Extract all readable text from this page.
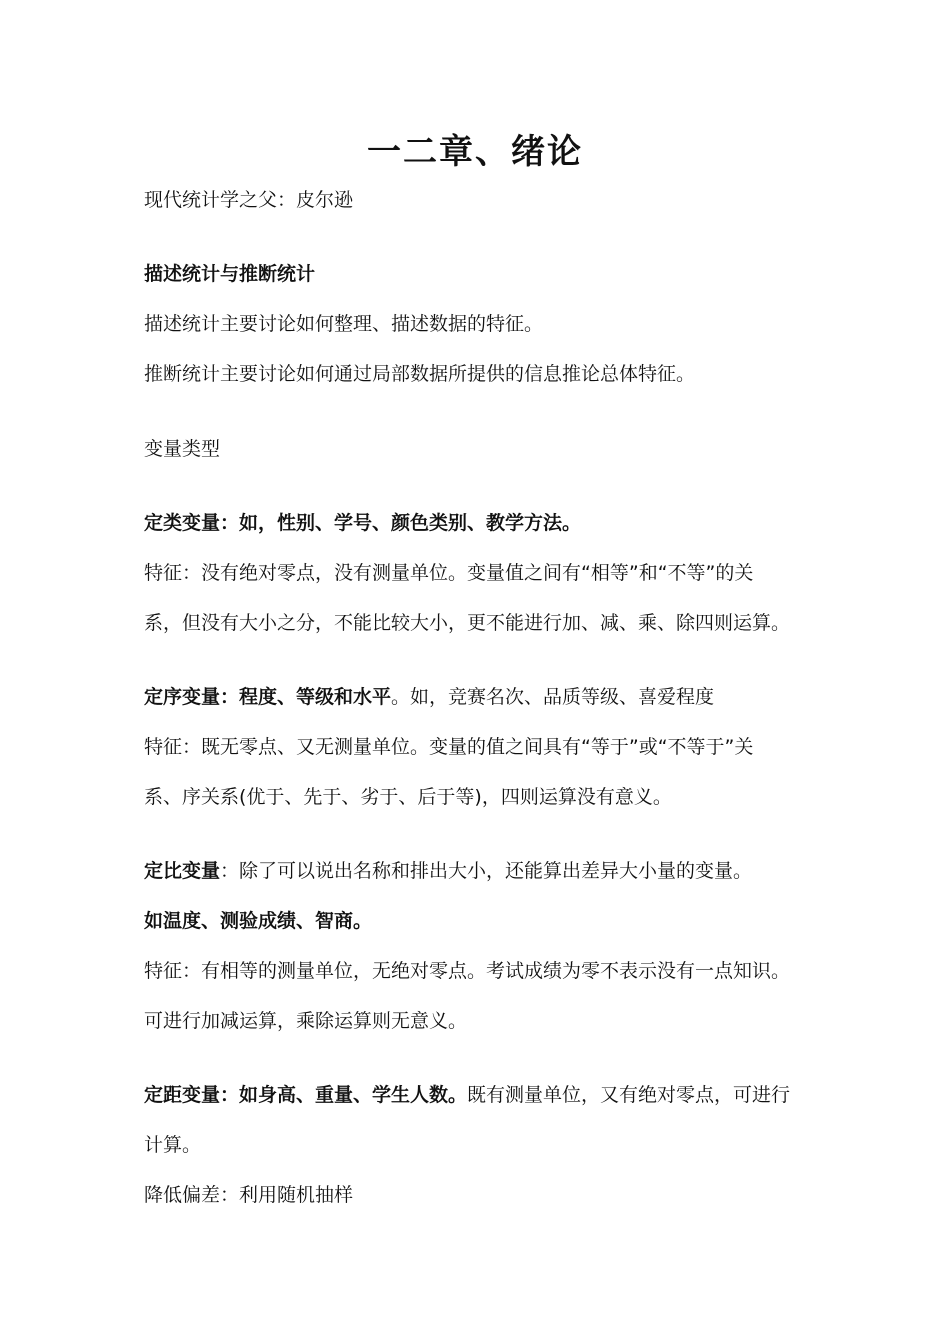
一二章、绪论
现代统计学之父：皮尔逊
描述统计与推断统计
描述统计主要讨论如何整理、描述数据的特征。
推断统计主要讨论如何通过局部数据所提供的信息推论总体特征。
变量类型
定类变量：如，性别、学号、颜色类别、教学方法。
特征：没有绝对零点，没有测量单位。变量值之间有“相等”和“不等”的关
系，但没有大小之分，不能比较大小，更不能进行加、减、乘、除四则运算。
定序变量：程度、等级和水平。如，竞赛名次、品质等级、喜爱程度
特征：既无零点、又无测量单位。变量的值之间具有“等于”或“不等于”关
系、序关系(优于、先于、劣于、后于等)，四则运算没有意义。
定比变量：除了可以说出名称和排出大小，还能算出差异大小量的变量。
如温度、测验成绩、智商。
特征：有相等的测量单位，无绝对零点。考试成绩为零不表示没有一点知识。
可进行加减运算，乘除运算则无意义。
定距变量：如身高、重量、学生人数。既有测量单位，又有绝对零点，可进行
计算。
降低偏差：利用随机抽样
